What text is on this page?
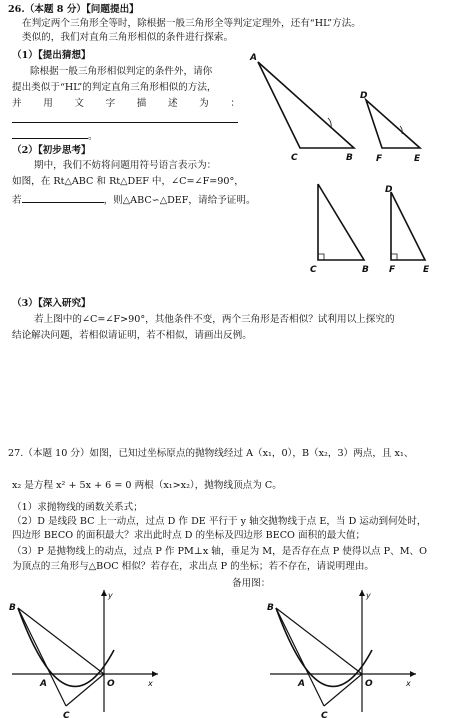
26.（本题 8 分）【问题提出】
在判定两个三角形全等时，除根据一般三角形全等判定定理外，还有“HL”方法。
类似的，我们对直角三角形相似的条件进行探索。
（1）【提出猜想】
除根据一般三角形相似判定的条件外，请你
提出类似于“HL”的判定直角三角形相似的方法，
并 用 文 字 描 述 为 ：
。
（2）【初步思考】
期中，我们不妨将问题用符号语言表示为：
如图，在 Rt△ABC 和 Rt△DEF 中，∠C=∠F=90°，
若	，则△ABC∽△DEF，请给予证明。
A
C	B
D
F	E
C	B
D
F	E
（3）【深入研究】
若上图中的∠C=∠F>90°，其他条件不变，两个三角形是否相似？试利用以上探究的
结论解决问题，若相似请证明，若不相似，请画出反例。
27.（本题 10 分）如图，已知过坐标原点的抛物线经过 A（x₁，0），B（x₂，3）两点，且 x₁、
x₂ 是方程 x² + 5x + 6 = 0 两根（x₁>x₂），抛物线顶点为 C。
（1）求抛物线的函数关系式；
（2）D 是线段 BC 上一动点，过点 D 作 DE 平行于 y 轴交抛物线于点 E，当 D 运动到何处时，
四边形 BECO 的面积最大？求出此时点 D 的坐标及四边形 BECO 面积的最大值；
（3）P 是抛物线上的动点，过点 P 作 PM⊥x 轴，垂足为 M，是否存在点 P 使得以点 P、M、O
为顶点的三角形与△BOC 相似？若存在，求出点 P 的坐标；若不存在，请说明理由。
备用图：
B
A
C
O	x
y
B
A
C
O	x
y
